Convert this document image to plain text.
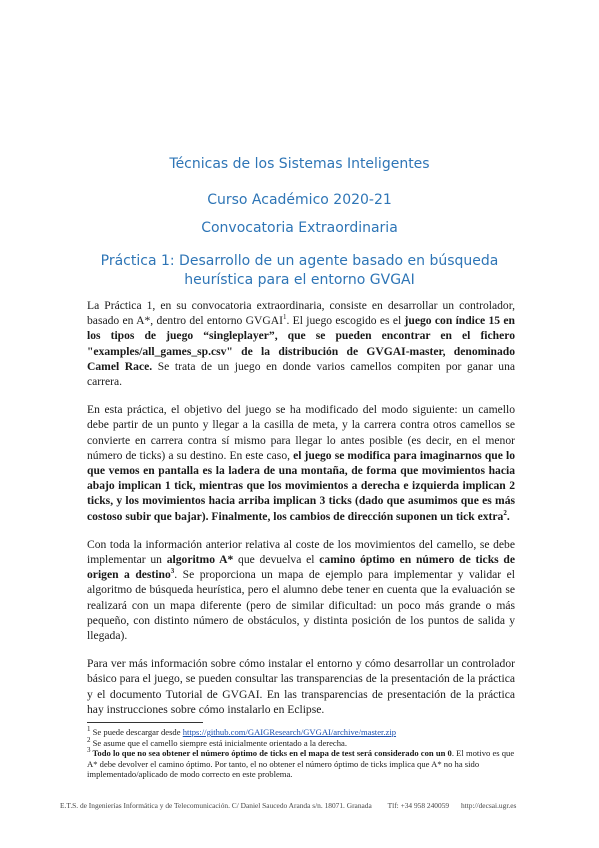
Técnicas de los Sistemas Inteligentes
Curso Académico 2020-21
Convocatoria Extraordinaria
Práctica 1: Desarrollo de un agente basado en búsqueda
heurística para el entorno GVGAI

La Práctica 1, en su convocatoria extraordinaria, consiste en desarrollar un controlador, basado en A*, dentro del entorno GVGAI$^1$. El juego escogido es el juego con índice 15 en los tipos de juego “singleplayer”, que se pueden encontrar en el fichero "examples/all_games_sp.csv" de la distribución de GVGAI-master, denominado Camel Race. Se trata de un juego en donde varios camellos compiten por ganar una carrera.

En esta práctica, el objetivo del juego se ha modificado del modo siguiente: un camello debe partir de un punto y llegar a la casilla de meta, y la carrera contra otros camellos se convierte en carrera contra sí mismo para llegar lo antes posible (es decir, en el menor número de ticks) a su destino. En este caso, el juego se modifica para imaginarnos que lo que vemos en pantalla es la ladera de una montaña, de forma que movimientos hacia abajo implican 1 tick, mientras que los movimientos a derecha e izquierda implican 2 ticks, y los movimientos hacia arriba implican 3 ticks (dado que asumimos que es más costoso subir que bajar). Finalmente, los cambios de dirección suponen un tick extra$^2$.

Con toda la información anterior relativa al coste de los movimientos del camello, se debe implementar un algoritmo A* que devuelva el camino óptimo en número de ticks de origen a destino$^3$. Se proporciona un mapa de ejemplo para implementar y validar el algoritmo de búsqueda heurística, pero el alumno debe tener en cuenta que la evaluación se realizará con un mapa diferente (pero de similar dificultad: un poco más grande o más pequeño, con distinto número de obstáculos, y distinta posición de los puntos de salida y llegada).

Para ver más información sobre cómo instalar el entorno y cómo desarrollar un controlador básico para el juego, se pueden consultar las transparencias de la presentación de la práctica y el documento Tutorial de GVGAI. En las transparencias de presentación de la práctica hay instrucciones sobre cómo instalarlo en Eclipse.

$^1$ Se puede descargar desde https://github.com/GAIGResearch/GVGAI/archive/master.zip
$^2$ Se asume que el camello siempre está inicialmente orientado a la derecha.
$^3$ Todo lo que no sea obtener el número óptimo de ticks en el mapa de test será considerado con un 0. El motivo es que A* debe devolver el camino óptimo. Por tanto, el no obtener el número óptimo de ticks implica que A* no ha sido implementado/aplicado de modo correcto en este problema.
E.T.S. de Ingenierías Informática y de Telecomunicación. C/ Daniel Saucedo Aranda s/n. 18071. Granada Tlf: +34 958 240059 http://decsai.ugr.es
